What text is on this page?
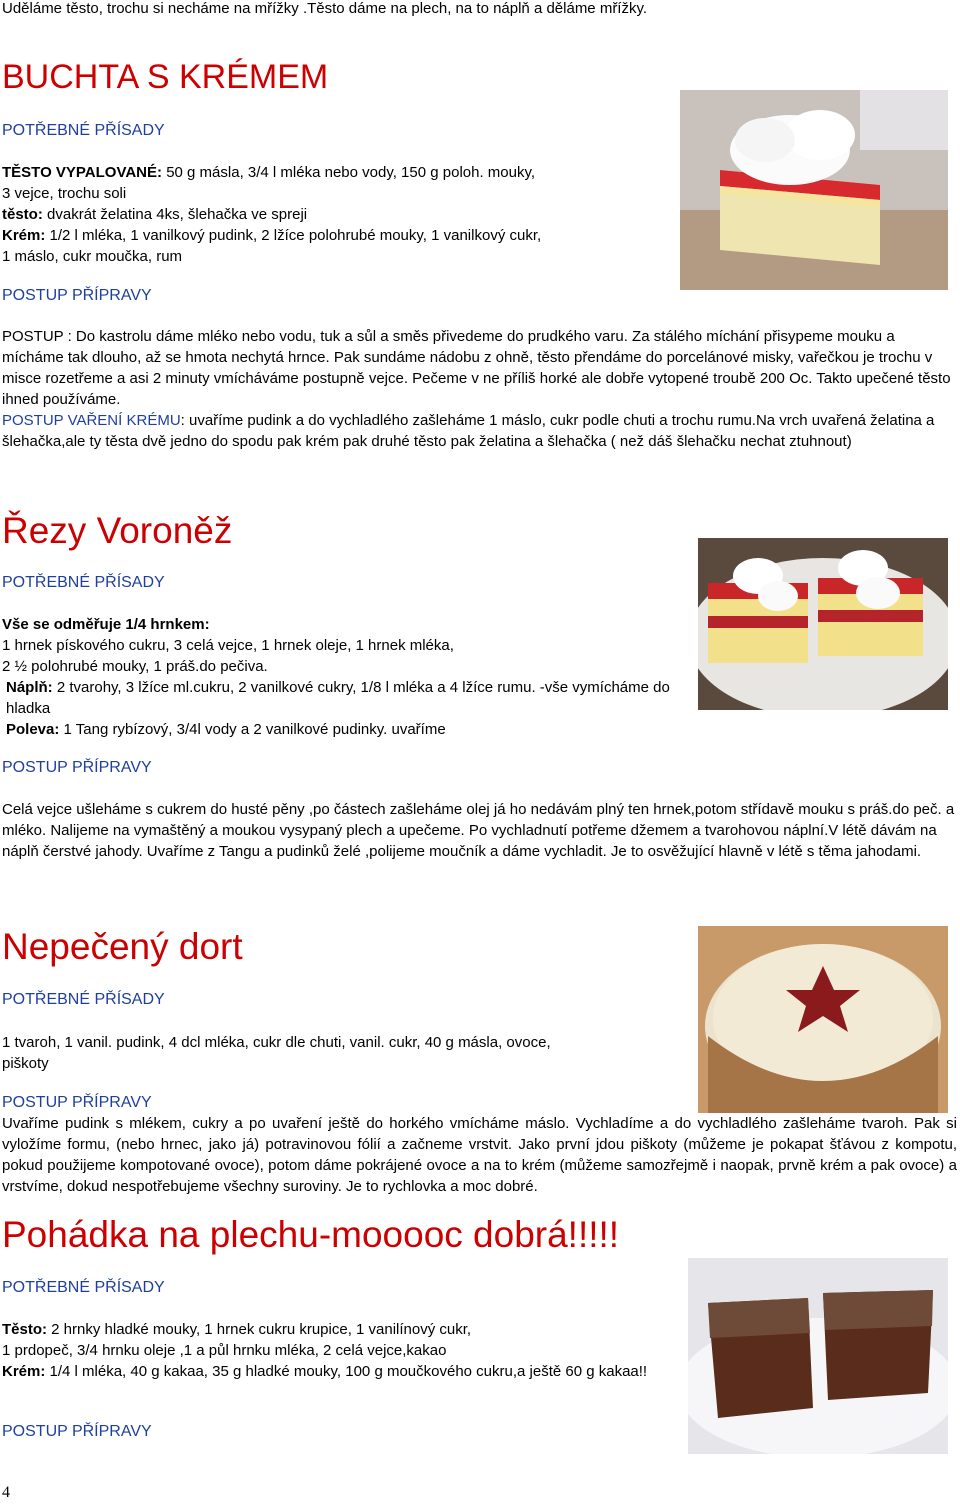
Uděláme těsto, trochu si necháme na mřížky .Těsto dáme na plech, na to náplň a děláme mřížky.

BUCHTA S KRÉMEM

POTŘEBNÉ PŘÍSADY

TĚSTO VYPALOVANÉ: 50 g másla, 3/4 l mléka nebo vody, 150 g poloh. mouky,
3 vejce, trochu soli
těsto: dvakrát želatina 4ks, šlehačka ve spreji
Krém: 1/2 l mléka, 1 vanilkový pudink, 2 lžíce polohrubé mouky, 1 vanilkový cukr,
1 máslo, cukr moučka, rum

POSTUP PŘÍPRAVY

POSTUP : Do kastrolu dáme mléko nebo vodu, tuk a sůl a směs přivedeme do prudkého varu. Za stálého míchání přisypeme mouku a mícháme tak dlouho, až se hmota nechytá hrnce. Pak sundáme nádobu z ohně, těsto přendáme do porcelánové misky, vařečkou je trochu v misce rozetřeme a asi 2 minuty vmícháváme postupně vejce. Pečeme v ne příliš horké ale dobře vytopené troubě 200 Oc. Takto upečené těsto ihned používáme.

POSTUP VAŘENÍ KRÉMU: uvaříme pudink a do vychladlého zašleháme 1 máslo, cukr podle chuti a trochu rumu.Na vrch uvařená želatina a šlehačka,ale ty těsta dvě jedno do spodu pak krém pak druhé těsto pak želatina a šlehačka ( než dáš šlehačku nechat ztuhnout)

Řezy Voroněž

POTŘEBNÉ PŘÍSADY

Vše se odměřuje 1/4 hrnkem:
1 hrnek pískového cukru, 3 celá vejce, 1 hrnek oleje, 1 hrnek mléka,
2 ½ polohrubé mouky, 1 práš.do pečiva.
Náplň: 2 tvarohy, 3 lžíce ml.cukru, 2 vanilkové cukry, 1/8 l mléka a 4 lžíce rumu. -vše vymícháme do hladka
Poleva: 1 Tang rybízový, 3/4l vody a 2 vanilkové pudinky. uvaříme

POSTUP PŘÍPRAVY

Celá vejce ušleháme s cukrem do husté pěny ,po částech zašleháme olej já ho nedávám plný ten hrnek,potom střídavě mouku s práš.do peč. a mléko. Nalijeme na vymaštěný a moukou vysypaný plech a upečeme. Po vychladnutí potřeme džemem a tvarohovou náplní.V létě dávám na náplň čerstvé jahody. Uvaříme z Tangu a pudinků želé ,polijeme moučník a dáme vychladit. Je to osvěžující hlavně v létě s těma jahodami.

Nepečený dort

POTŘEBNÉ PŘÍSADY

1 tvaroh, 1 vanil. pudink, 4 dcl mléka, cukr dle chuti, vanil. cukr, 40 g másla, ovoce,
piškoty

POSTUP PŘÍPRAVY

Uvaříme pudink s mlékem, cukry a po uvaření ještě do horkého vmícháme máslo. Vychladíme a do vychladlého zašleháme tvaroh. Pak si vyložíme formu, (nebo hrnec, jako já) potravinovou fólií a začneme vrstvit. Jako první jdou piškoty (můžeme je pokapat šťávou z kompotu, pokud použijeme kompotované ovoce), potom dáme pokrájené ovoce a na to krém (můžeme samozřejmě i naopak, prvně krém a pak ovoce) a vrstvíme, dokud nespotřebujeme všechny suroviny. Je to rychlovka a moc dobré.

Pohádka na plechu-mooooc dobrá!!!!!

POTŘEBNÉ PŘÍSADY

Těsto: 2 hrnky hladké mouky, 1 hrnek cukru krupice, 1 vanilínový cukr,
1 prdopeč, 3/4 hrnku oleje ,1 a půl hrnku mléka, 2 celá vejce,kakao
Krém: 1/4 l mléka, 40 g kakaa, 35 g hladké mouky, 100 g moučkového cukru,a ještě 60 g kakaa!!

POSTUP PŘÍPRAVY

4
